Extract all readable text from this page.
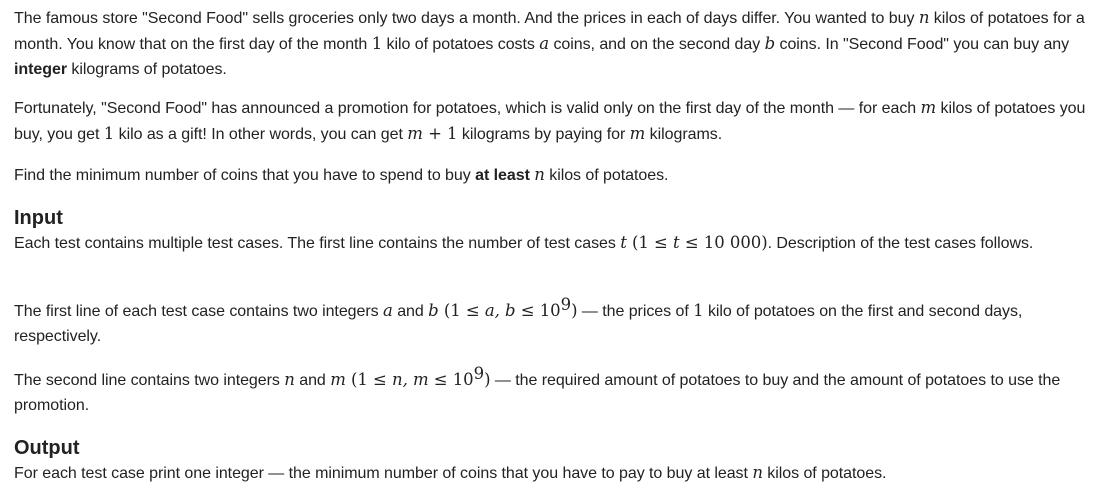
The famous store "Second Food" sells groceries only two days a month. And the prices in each of days differ. You wanted to buy n kilos of potatoes for a month. You know that on the first day of the month 1 kilo of potatoes costs a coins, and on the second day b coins. In "Second Food" you can buy any integer kilograms of potatoes.

Fortunately, "Second Food" has announced a promotion for potatoes, which is valid only on the first day of the month — for each m kilos of potatoes you buy, you get 1 kilo as a gift! In other words, you can get m + 1 kilograms by paying for m kilograms.

Find the minimum number of coins that you have to spend to buy at least n kilos of potatoes.

Input

Each test contains multiple test cases. The first line contains the number of test cases t (1 ≤ t ≤ 10 000). Description of the test cases follows.

The first line of each test case contains two integers a and b (1 ≤ a, $b \le 10^9$) — the prices of 1 kilo of potatoes on the first and second days, respectively.

The second line contains two integers n and m (1 ≤ n, $m \le 10^9$) — the required amount of potatoes to buy and the amount of potatoes to use the promotion.

Output

For each test case print one integer — the minimum number of coins that you have to pay to buy at least n kilos of potatoes.
